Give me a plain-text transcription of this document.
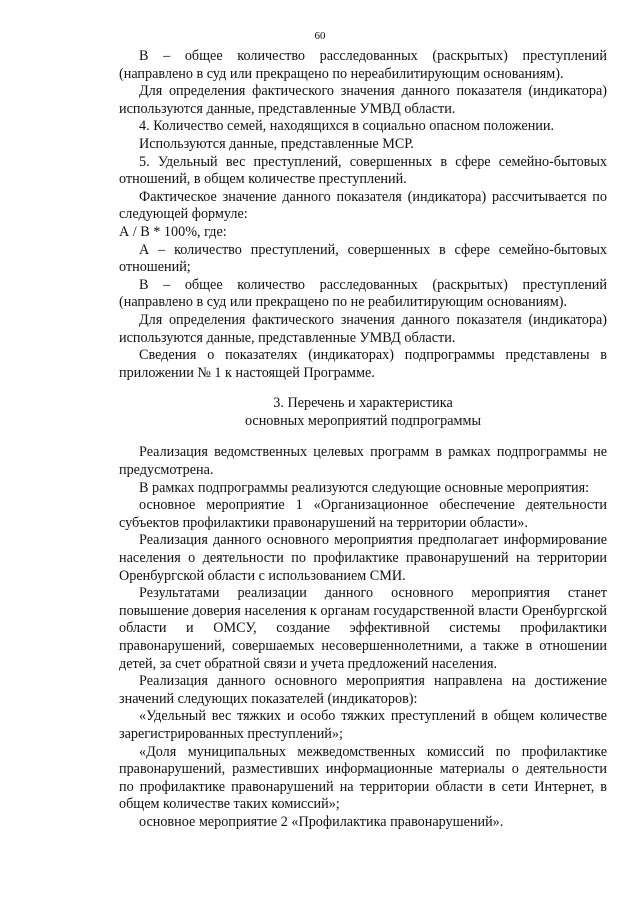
60

В – общее количество расследованных (раскрытых) преступлений (направлено в суд или прекращено по нереабилитирующим основаниям).

Для определения фактического значения данного показателя (индикатора) используются данные, представленные УМВД области.

4. Количество семей, находящихся в социально опасном положении.

Используются данные, представленные МСР.

5. Удельный вес преступлений, совершенных в сфере семейно-бытовых отношений, в общем количестве преступлений.

Фактическое значение данного показателя (индикатора) рассчитывается по следующей формуле:

А / В * 100%, где:

А – количество преступлений, совершенных в сфере семейно-бытовых отношений;

В – общее количество расследованных (раскрытых) преступлений (направлено в суд или прекращено по не реабилитирующим основаниям).

Для определения фактического значения данного показателя (индикатора) используются данные, представленные УМВД области.

Сведения о показателях (индикаторах) подпрограммы представлены в приложении № 1 к настоящей Программе.

3. Перечень и характеристика
основных мероприятий подпрограммы

Реализация ведомственных целевых программ в рамках подпрограммы не предусмотрена.

В рамках подпрограммы реализуются следующие основные мероприятия:

основное мероприятие 1 «Организационное обеспечение деятельности субъектов профилактики правонарушений на территории области».

Реализация данного основного мероприятия предполагает информирование населения о деятельности по профилактике правонарушений на территории Оренбургской области с использованием СМИ.

Результатами реализации данного основного мероприятия станет повышение доверия населения к органам государственной власти Оренбургской области и ОМСУ, создание эффективной системы профилактики правонарушений, совершаемых несовершеннолетними, а также в отношении детей, за счет обратной связи и учета предложений населения.

Реализация данного основного мероприятия направлена на достижение значений следующих показателей (индикаторов):

«Удельный вес тяжких и особо тяжких преступлений в общем количестве зарегистрированных преступлений»;

«Доля муниципальных межведомственных комиссий по профилактике правонарушений, разместивших информационные материалы о деятельности по профилактике правонарушений на территории области в сети Интернет, в общем количестве таких комиссий»;

основное мероприятие 2 «Профилактика правонарушений».
